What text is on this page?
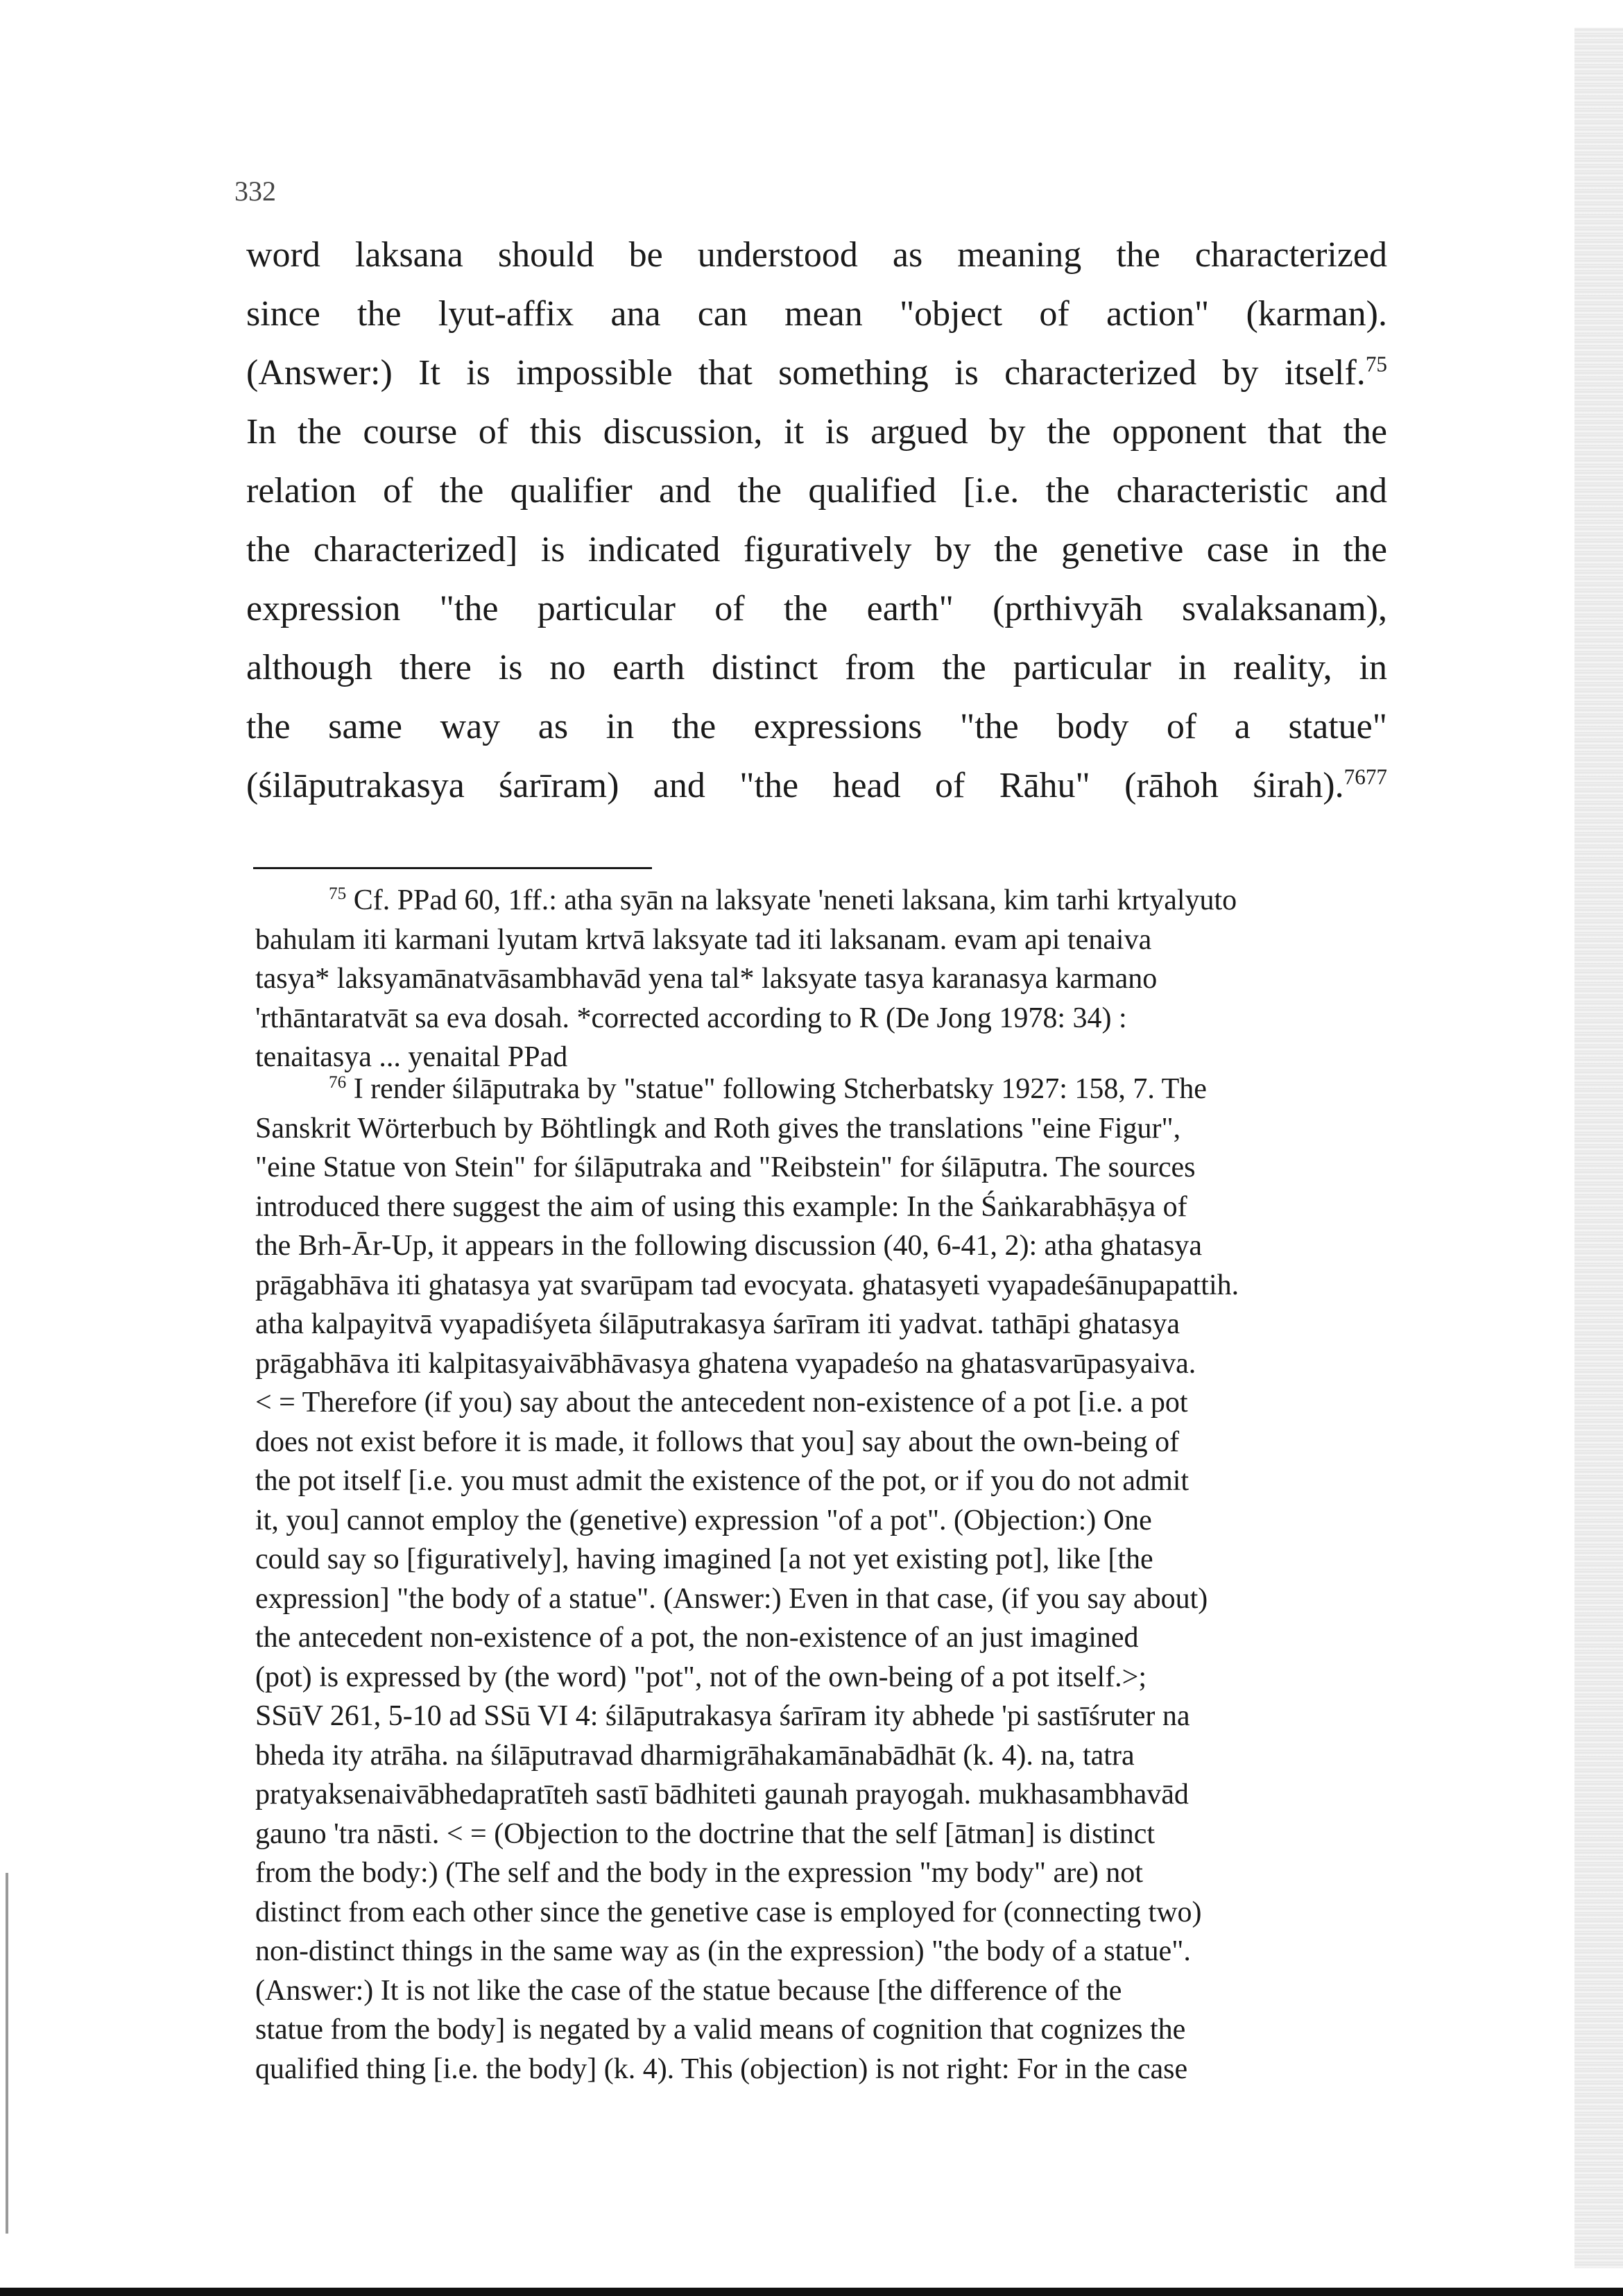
332
word laksana should be understood as meaning the characterized
since the lyut-affix ana can mean "object of action" (karman).
(Answer:) It is impossible that something is characterized by itself.$^{75}$
In the course of this discussion, it is argued by the opponent that the
relation of the qualifier and the qualified [i.e. the characteristic and
the characterized] is indicated figuratively by the genetive case in the
expression "the particular of the earth" (prthivyāh svalaksanam),
although there is no earth distinct from the particular in reality, in
the same way as in the expressions "the body of a statue"
(śilāputrakasya śarīram) and "the head of Rāhu" (rāhoh śirah).$^{7677}$
$^{75}$ Cf. PPad 60, 1ff.: atha syān na laksyate 'neneti laksana, kim tarhi krtyalyuto
bahulam iti karmani lyutam krtvā laksyate tad iti laksanam. evam api tenaiva
tasya* laksyamānatvāsambhavād yena tal* laksyate tasya karanasya karmano
'rthāntaratvāt sa eva dosah. *corrected according to R (De Jong 1978: 34) :
tenaitasya ... yenaital PPad
$^{76}$ I render śilāputraka by "statue" following Stcherbatsky 1927: 158, 7. The
Sanskrit Wörterbuch by Böhtlingk and Roth gives the translations "eine Figur",
"eine Statue von Stein" for śilāputraka and "Reibstein" for śilāputra. The sources
introduced there suggest the aim of using this example: In the Śaṅkarabhāṣya of
the Brh-Ār-Up, it appears in the following discussion (40, 6-41, 2): atha ghatasya
prāgabhāva iti ghatasya yat svarūpam tad evocyata. ghatasyeti vyapadeśānupapattih.
atha kalpayitvā vyapadiśyeta śilāputrakasya śarīram iti yadvat. tathāpi ghatasya
prāgabhāva iti kalpitasyaivābhāvasya ghatena vyapadeśo na ghatasvarūpasyaiva.
< = Therefore (if you) say about the antecedent non-existence of a pot [i.e. a pot
does not exist before it is made, it follows that you] say about the own-being of
the pot itself [i.e. you must admit the existence of the pot, or if you do not admit
it, you] cannot employ the (genetive) expression "of a pot". (Objection:) One
could say so [figuratively], having imagined [a not yet existing pot], like [the
expression] "the body of a statue". (Answer:) Even in that case, (if you say about)
the antecedent non-existence of a pot, the non-existence of an just imagined
(pot) is expressed by (the word) "pot", not of the own-being of a pot itself.>;
SSūV 261, 5-10 ad SSū VI 4: śilāputrakasya śarīram ity abhede 'pi sastīśruter na
bheda ity atrāha. na śilāputravad dharmigrāhakamānabādhāt (k. 4). na, tatra
pratyaksenaivābhedapratīteh sastī bādhiteti gaunah prayogah. mukhasambhavād
gauno 'tra nāsti. < = (Objection to the doctrine that the self [ātman] is distinct
from the body:) (The self and the body in the expression "my body" are) not
distinct from each other since the genetive case is employed for (connecting two)
non-distinct things in the same way as (in the expression) "the body of a statue".
(Answer:) It is not like the case of the statue because [the difference of the
statue from the body] is negated by a valid means of cognition that cognizes the
qualified thing [i.e. the body] (k. 4). This (objection) is not right: For in the case
